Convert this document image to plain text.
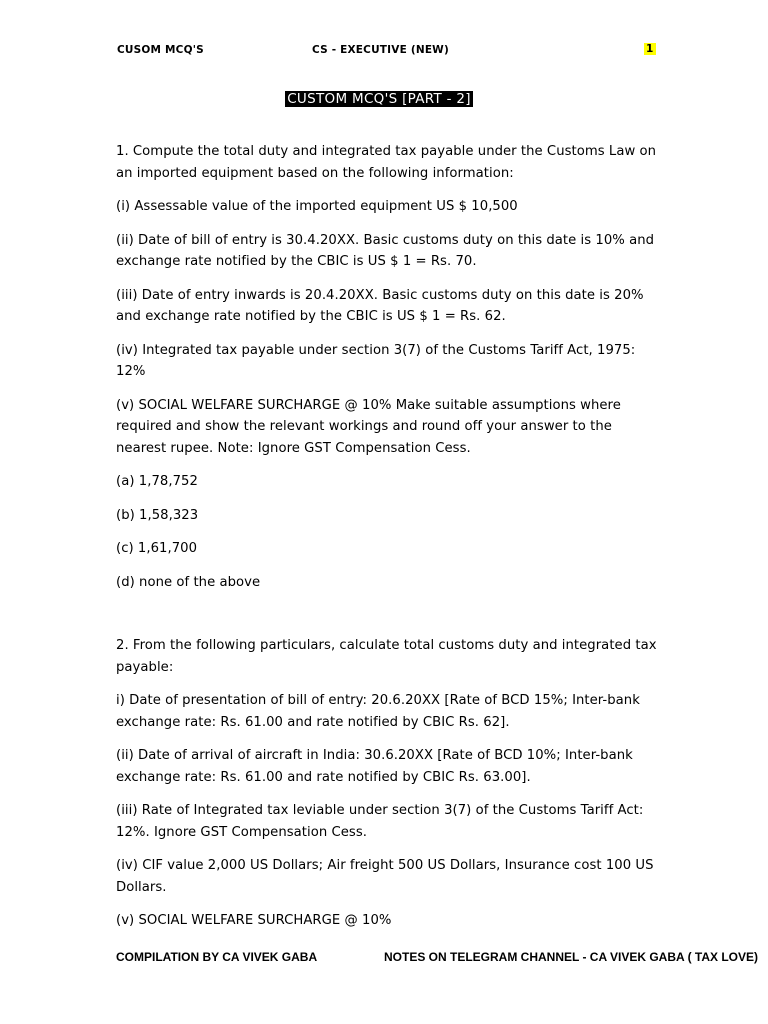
CUSOM MCQ'S	CS - EXECUTIVE (NEW)	1
CUSTOM MCQ'S [PART - 2]

1. Compute the total duty and integrated tax payable under the Customs Law on an imported equipment based on the following information:

(i) Assessable value of the imported equipment US $ 10,500

(ii) Date of bill of entry is 30.4.20XX. Basic customs duty on this date is 10% and exchange rate notified by the CBIC is US $ 1 = Rs. 70.

(iii) Date of entry inwards is 20.4.20XX. Basic customs duty on this date is 20% and exchange rate notified by the CBIC is US $ 1 = Rs. 62.

(iv) Integrated tax payable under section 3(7) of the Customs Tariff Act, 1975: 12%

(v) SOCIAL WELFARE SURCHARGE @ 10% Make suitable assumptions where required and show the relevant workings and round off your answer to the nearest rupee. Note: Ignore GST Compensation Cess.

(a) 1,78,752

(b) 1,58,323

(c) 1,61,700

(d) none of the above

2. From the following particulars, calculate total customs duty and integrated tax payable:

i) Date of presentation of bill of entry: 20.6.20XX [Rate of BCD 15%; Inter-bank exchange rate: Rs. 61.00 and rate notified by CBIC Rs. 62].

(ii) Date of arrival of aircraft in India: 30.6.20XX [Rate of BCD 10%; Inter-bank exchange rate: Rs. 61.00 and rate notified by CBIC Rs. 63.00].

(iii) Rate of Integrated tax leviable under section 3(7) of the Customs Tariff Act: 12%. Ignore GST Compensation Cess.

(iv) CIF value 2,000 US Dollars; Air freight 500 US Dollars, Insurance cost 100 US Dollars.

(v) SOCIAL WELFARE SURCHARGE @ 10%

COMPILATION BY CA VIVEK GABA	NOTES ON TELEGRAM CHANNEL - CA VIVEK GABA ( TAX LOVE)
